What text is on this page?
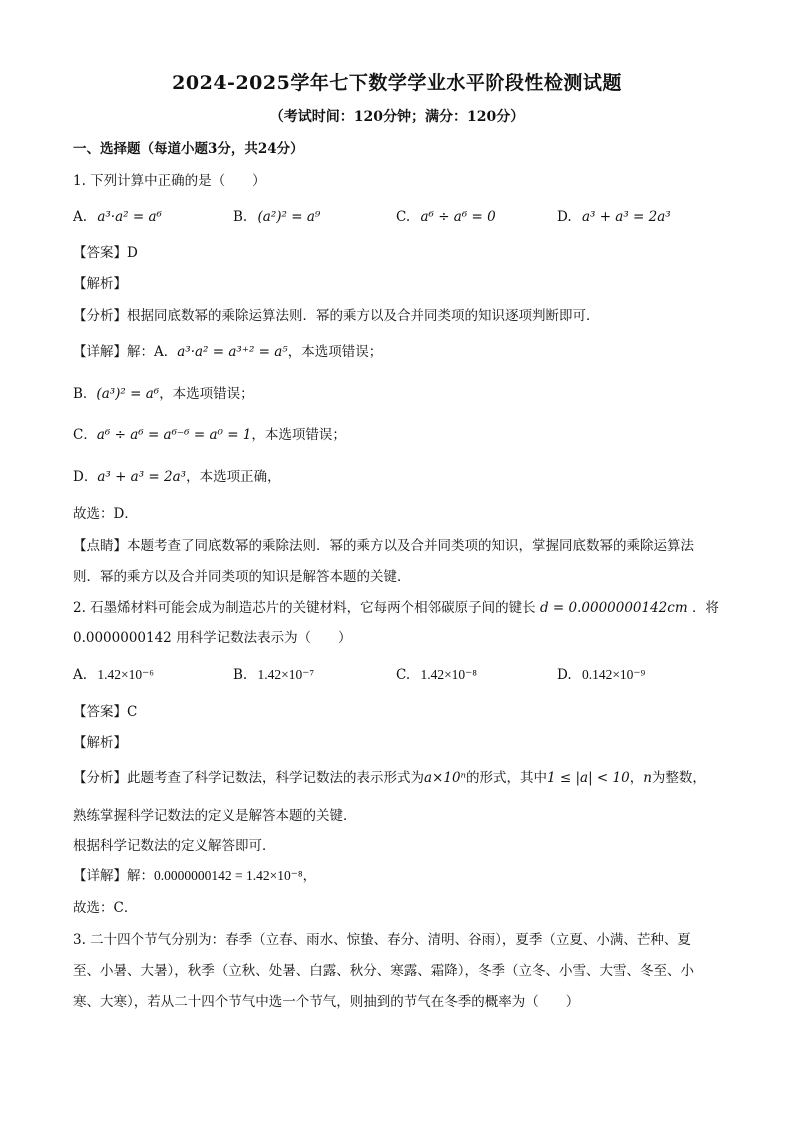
2024-2025学年七下数学学业水平阶段性检测试题
（考试时间：120分钟；满分：120分）
一、选择题（每道小题3分，共24分）
1. 下列计算中正确的是（　　）
A. a³·a² = a⁶	B. (a²)² = a⁹	C. a⁶ ÷ a⁶ = 0	D. a³ + a³ = 2a³
【答案】D
【解析】
【分析】根据同底数幂的乘除运算法则．幂的乘方以及合并同类项的知识逐项判断即可．
【详解】解：A．a³·a² = a³⁺² = a⁵，本选项错误；
B．(a³)² = a⁶，本选项错误；
C．a⁶ ÷ a⁶ = a⁶⁻⁶ = a⁰ = 1，本选项错误；
D．a³ + a³ = 2a³，本选项正确，
故选：D．
【点睛】本题考查了同底数幂的乘除法则．幂的乘方以及合并同类项的知识，掌握同底数幂的乘除运算法
则．幂的乘方以及合并同类项的知识是解答本题的关键．
2. 石墨烯材料可能会成为制造芯片的关键材料，它每两个相邻碳原子间的键长 d = 0.0000000142cm ．将
0.0000000142 用科学记数法表示为（　　）
A. 1.42×10⁻⁶	B. 1.42×10⁻⁷	C. 1.42×10⁻⁸	D. 0.142×10⁻⁹
【答案】C
【解析】
【分析】此题考查了科学记数法，科学记数法的表示形式为a×10ⁿ的形式，其中1 ≤ |a| < 10，n为整数，
熟练掌握科学记数法的定义是解答本题的关键．
根据科学记数法的定义解答即可．
【详解】解：0.0000000142 = 1.42×10⁻⁸，
故选：C．
3. 二十四个节气分别为：春季（立春、雨水、惊蛰、春分、清明、谷雨），夏季（立夏、小满、芒种、夏
至、小暑、大暑），秋季（立秋、处暑、白露、秋分、寒露、霜降），冬季（立冬、小雪、大雪、冬至、小
寒、大寒），若从二十四个节气中选一个节气，则抽到的节气在冬季的概率为（　　）
